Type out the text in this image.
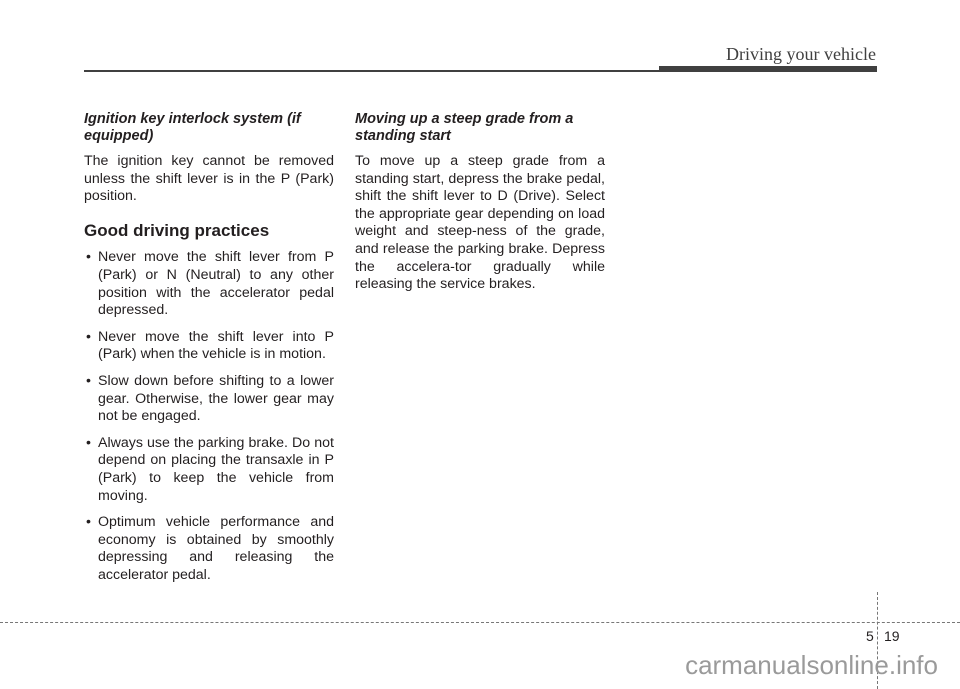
Driving your vehicle
Ignition key interlock system (if equipped)

The ignition key cannot be removed unless the shift lever is in the P (Park) position.

Good driving practices
• Never move the shift lever from P (Park) or N (Neutral) to any other position with the accelerator pedal depressed.
• Never move the shift lever into P (Park) when the vehicle is in motion.
• Slow down before shifting to a lower gear. Otherwise, the lower gear may not be engaged.
• Always use the parking brake. Do not depend on placing the transaxle in P (Park) to keep the vehicle from moving.
• Optimum vehicle performance and economy is obtained by smoothly depressing and releasing the accelerator pedal.
Moving up a steep grade from a standing start

To move up a steep grade from a standing start, depress the brake pedal, shift the shift lever to D (Drive). Select the appropriate gear depending on load weight and steep-ness of the grade, and release the parking brake. Depress the accelera-tor gradually while releasing the service brakes.

5 19
carmanualsonline.info
